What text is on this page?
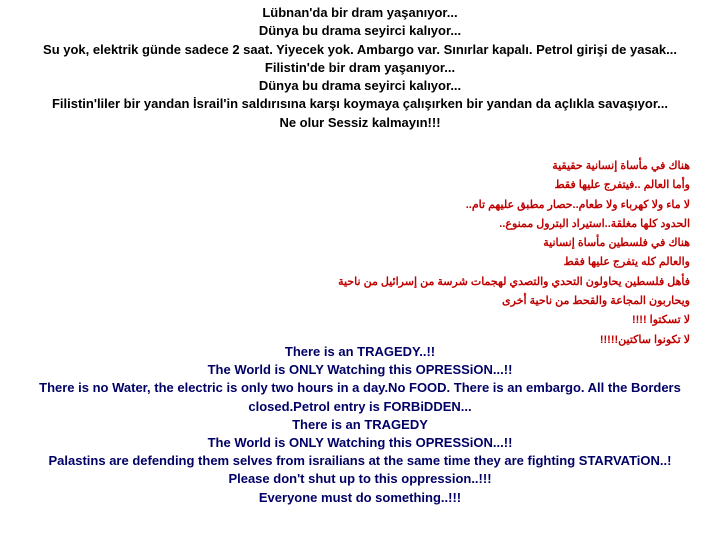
Lübnan'da bir dram yaşanıyor...
Dünya bu drama seyirci kalıyor...
Su yok, elektrik günde sadece 2 saat. Yiyecek yok. Ambargo var. Sınırlar kapalı. Petrol girişi de yasak...
Filistin'de bir dram yaşanıyor...
Dünya bu drama seyirci kalıyor...
Filistin'liler bir yandan İsrail'in saldırısına karşı koymaya çalışırken bir yandan da açlıkla savaşıyor...
Ne olur Sessiz kalmayın!!!
هناك في مأساة إنسانية حقيقية
وأما العالم ..فيتفرج عليها فقط
لا ماء ولا كهرباء ولا طعام..حصار مطبق عليهم تام..
الحدود كلها مغلقة..استيراد البترول ممنوع..
هناك في فلسطين مأساة إنسانية
والعالم كله يتفرج عليها فقط
فأهل فلسطين يحاولون التحدي والتصدي لهجمات شرسة من إسرائيل من ناحية
ويحاربون المجاعة والقحط من ناحية أخرى
لا تسكتوا !!!!
لا تكونوا ساكتين!!!!!
There is an TRAGEDY..!!
The World is ONLY Watching this OPRESSiON...!!
There is no Water, the electric is only two hours in a day.No FOOD. There is an embargo. All the Borders closed.Petrol entry is FORBiDDEN...
There is an TRAGEDY
The World is ONLY Watching this OPRESSiON...!!
Palastins are defending them selves from israilians at the same time they are fighting STARVATiON..!
Please don't shut up to this oppression..!!!
Everyone must do something..!!!
